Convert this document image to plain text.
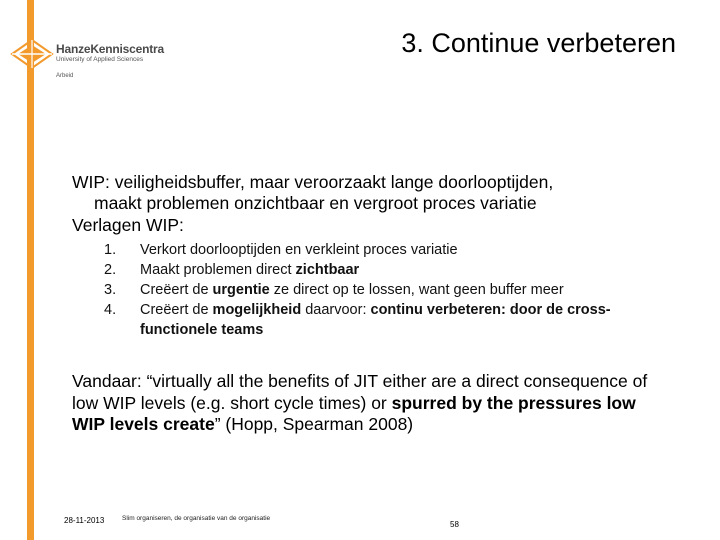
HanzeKenniscentra
University of Applied Sciences
Arbeid
3. Continue verbeteren

WIP: veiligheidsbuffer, maar veroorzaakt lange doorlooptijden,
maakt problemen onzichtbaar en vergroot proces variatie

Verlagen WIP:

1. Verkort doorlooptijden en verkleint proces variatie
2. Maakt problemen direct zichtbaar
3. Creëert de urgentie ze direct op te lossen, want geen buffer meer
4. Creëert de mogelijkheid daarvoor: continu verbeteren: door de cross-functionele teams
Vandaar: “virtually all the benefits of JIT either are a direct consequence of low WIP levels (e.g. short cycle times) or spurred by the pressures low WIP levels create” (Hopp, Spearman 2008)
28-11-2013	Slim organiseren, de organisatie van de organisatie
58
